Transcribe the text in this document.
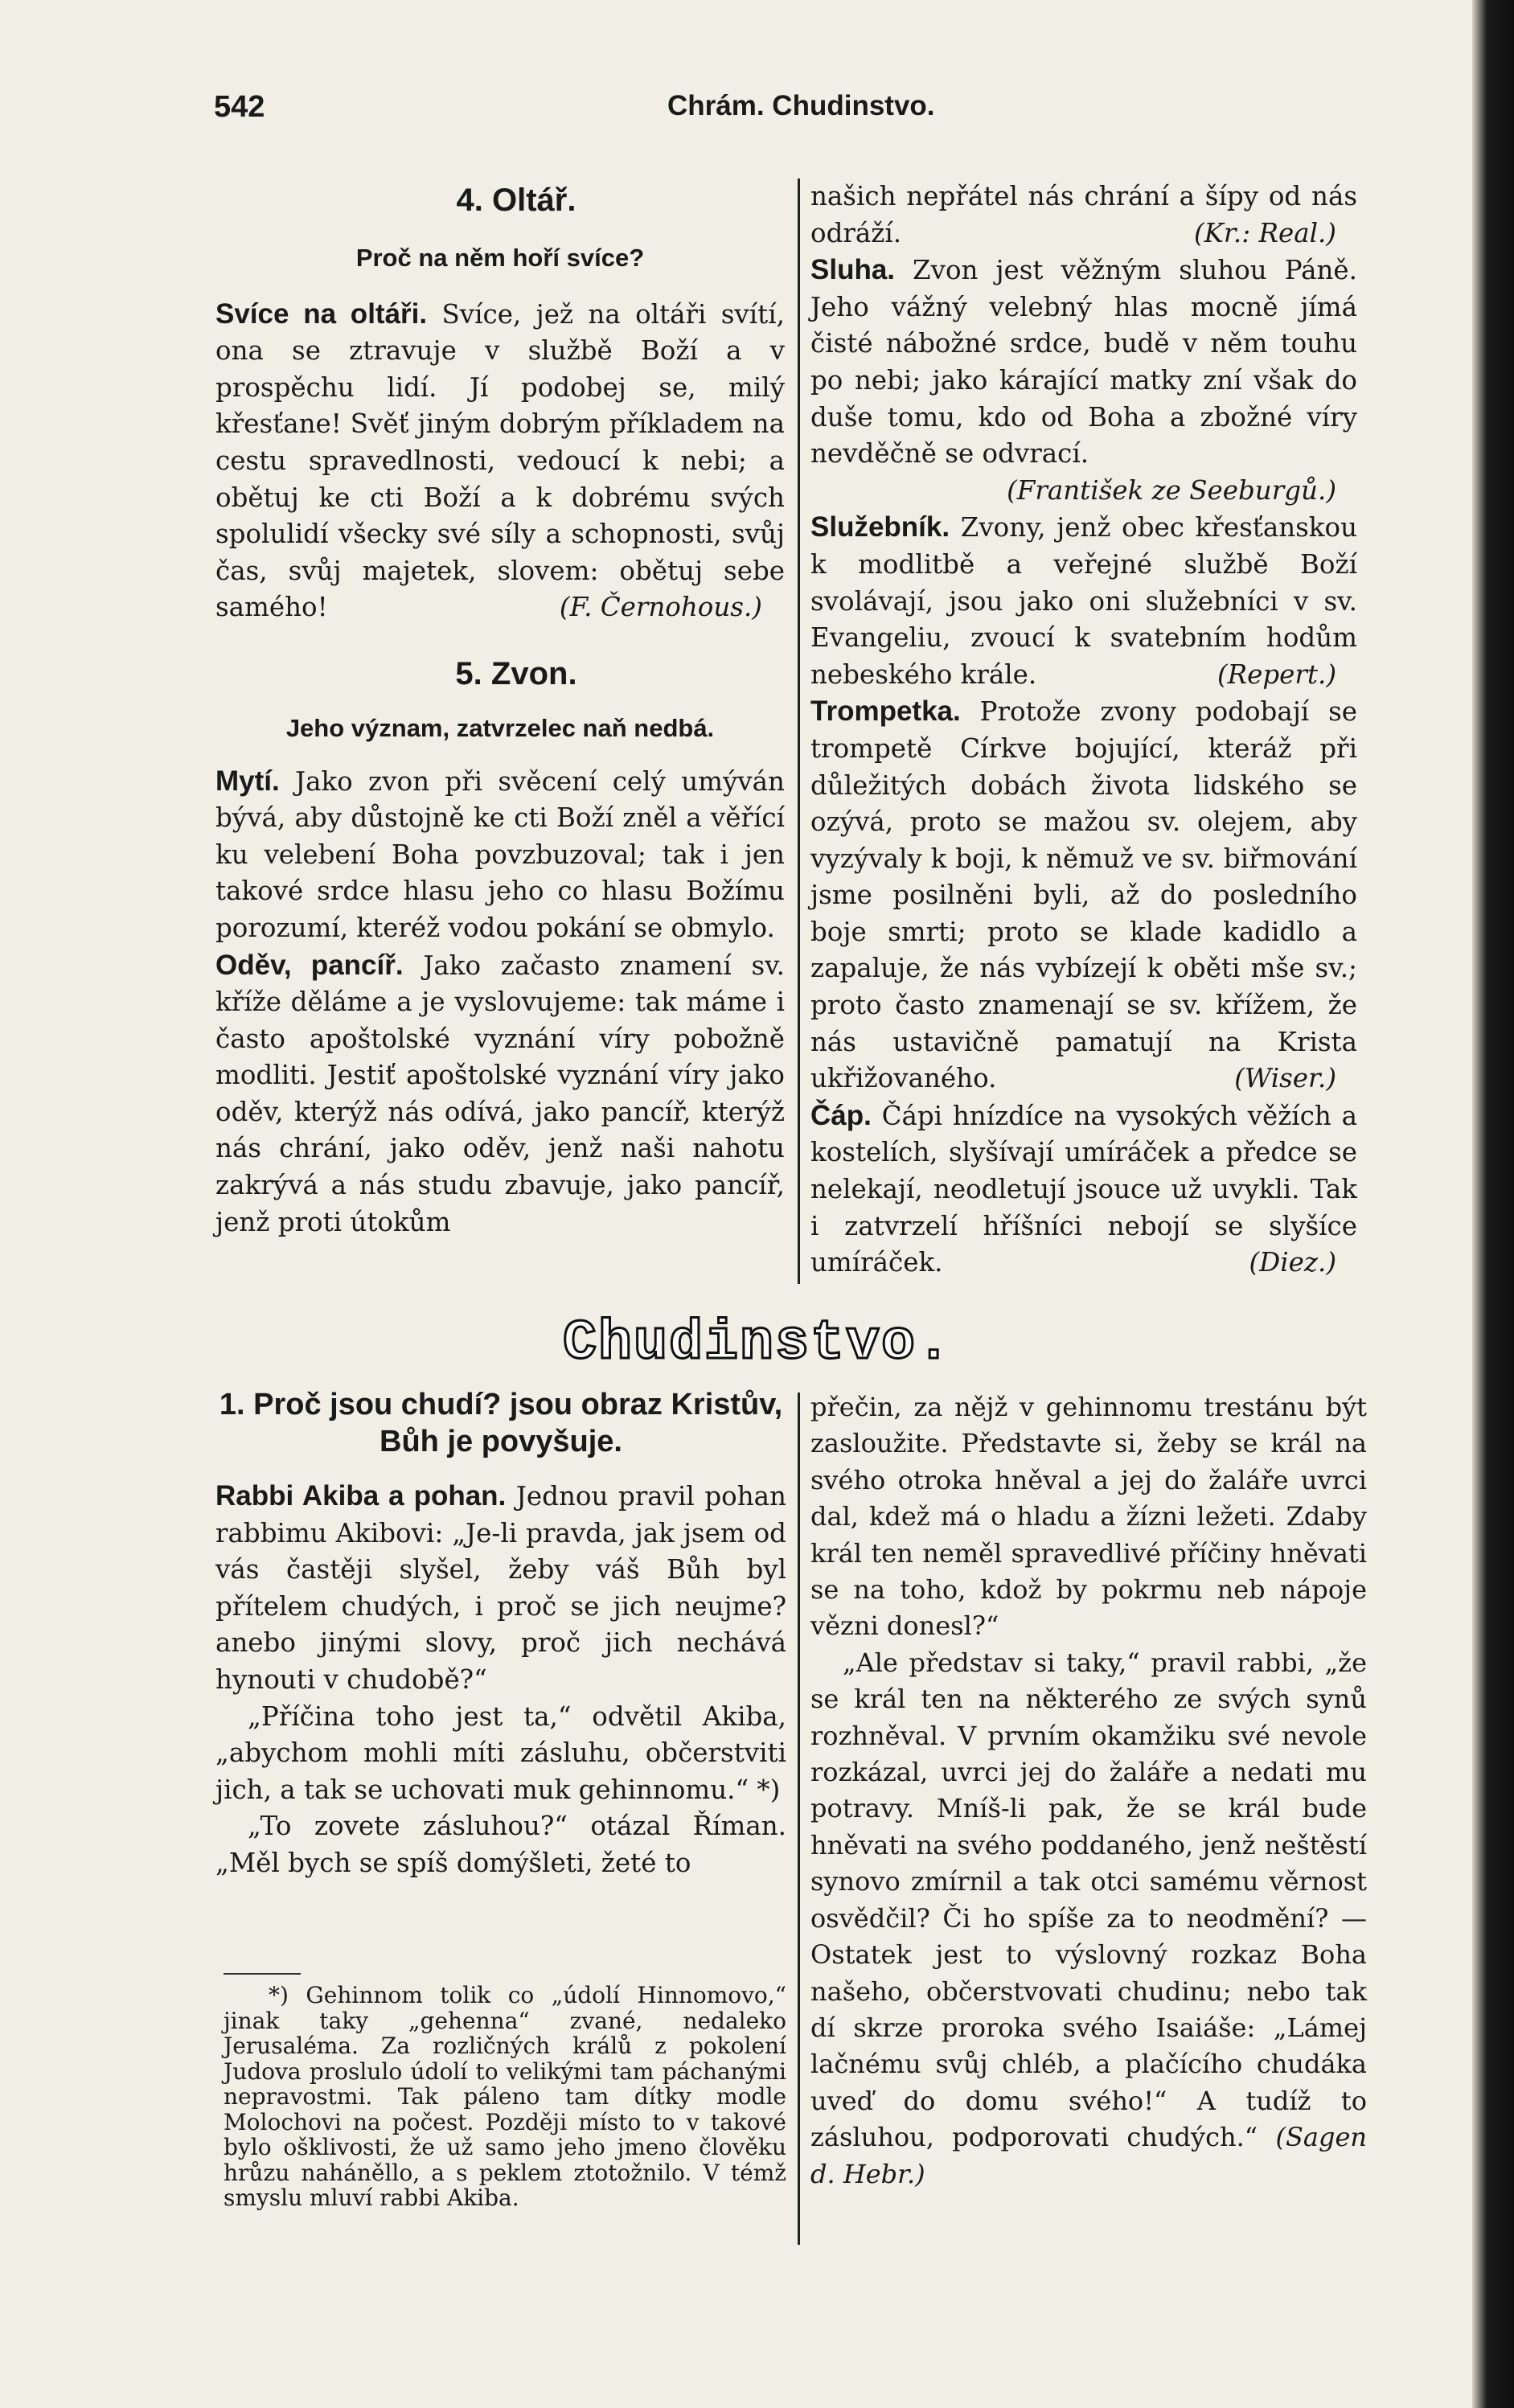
542	Chrám. Chudinstvo.
4. Oltář.
Proč na něm hoří svíce?

Svíce na oltáři. Svíce, jež na oltáři svítí, ona se ztravuje v službě Boží a v prospěchu lidí. Jí podobej se, milý křesťane! Svěť jiným dobrým příkladem na cestu spravedlnosti, vedoucí k nebi; a obětuj ke cti Boží a k dobrému svých spolulidí všecky své síly a schopnosti, svůj čas, svůj majetek, slovem: obětuj sebe samého!	(F. Černohous.)

5. Zvon.
Jeho význam, zatvrzelec naň nedbá.

Mytí. Jako zvon při svěcení celý umýván bývá, aby důstojně ke cti Boží zněl a věřící ku velebení Boha povzbuzoval; tak i jen takové srdce hlasu jeho co hlasu Božímu porozumí, kteréž vodou pokání se obmylo.

Oděv, pancíř. Jako začasto znamení sv. kříže děláme a je vyslovujeme: tak máme i často apoštolské vyznání víry pobožně modliti. Jestiť apoštolské vyznání víry jako oděv, kterýž nás odívá, jako pancíř, kterýž nás chrání, jako oděv, jenž naši nahotu zakrývá a nás studu zbavuje, jako pancíř, jenž proti útokům

našich nepřátel nás chrání a šípy od nás odráží.	(Kr.: Real.)

Sluha. Zvon jest věžným sluhou Páně. Jeho vážný velebný hlas mocně jímá čisté nábožné srdce, budě v něm touhu po nebi; jako kárající matky zní však do duše tomu, kdo od Boha a zbožné víry nevděčně se odvrací.

(František ze Seeburgů.)

Služebník. Zvony, jenž obec křesťanskou k modlitbě a veřejné službě Boží svolávají, jsou jako oni služebníci v sv. Evangeliu, zvoucí k svatebním hodům nebeského krále.	(Repert.)

Trompetka. Protože zvony podobají se trompetě Církve bojující, kteráž při důležitých dobách života lidského se ozývá, proto se mažou sv. olejem, aby vyzývaly k boji, k němuž ve sv. biřmování jsme posilněni byli, až do posledního boje smrti; proto se klade kadidlo a zapaluje, že nás vybízejí k oběti mše sv.; proto často znamenají se sv. křížem, že nás ustavičně pamatují na Krista ukřižovaného.	(Wiser.)

Čáp. Čápi hnízdíce na vysokých věžích a kostelích, slyšívají umíráček a předce se nelekají, neodletují jsouce už uvykli. Tak i zatvrzelí hříšníci nebojí se slyšíce umíráček.	(Diez.)

Chudinstvo.
1. Proč jsou chudí? jsou obraz Kristův, Bůh je povyšuje.

Rabbi Akiba a pohan. Jednou pravil pohan rabbimu Akibovi: „Je-li pravda, jak jsem od vás častěji slyšel, žeby váš Bůh byl přítelem chudých, i proč se jich neujme? anebo jinými slovy, proč jich nechává hynouti v chudobě?“

„Příčina toho jest ta,“ odvětil Akiba, „abychom mohli míti zásluhu, občerstviti jich, a tak se uchovati muk gehinnomu.“ *)

„To zovete zásluhou?“ otázal Říman. „Měl bych se spíš domýšleti, žeté to

*) Gehinnom tolik co „údolí Hinnomovo,“ jinak taky „gehenna“ zvané, nedaleko Jerusaléma. Za rozličných králů z pokolení Judova proslulo údolí to velikými tam páchanými nepravostmi. Tak páleno tam dítky modle Molochovi na počest. Později místo to v takové bylo ošklivosti, že už samo jeho jmeno člověku hrůzu naháněllo, a s peklem ztotožnilo. V témž smyslu mluví rabbi Akiba.

přečin, za nějž v gehinnomu trestánu být zasloužite. Představte si, žeby se král na svého otroka hněval a jej do žaláře uvrci dal, kdež má o hladu a žízni ležeti. Zdaby král ten neměl spravedlivé příčiny hněvati se na toho, kdož by pokrmu neb nápoje vězni donesl?“

„Ale představ si taky,“ pravil rabbi, „že se král ten na některého ze svých synů rozhněval. V prvním okamžiku své nevole rozkázal, uvrci jej do žaláře a nedati mu potravy. Mníš-li pak, že se král bude hněvati na svého poddaného, jenž neštěstí synovo zmírnil a tak otci samému věrnost osvědčil? Či ho spíše za to neodmění? — Ostatek jest to výslovný rozkaz Boha našeho, občerstvovati chudinu; nebo tak dí skrze proroka svého Isaiáše: „Lámej lačnému svůj chléb, a plačícího chudáka uveď do domu svého!“ A tudíž to zásluhou, podporovati chudých.“ (Sagen d. Hebr.)
